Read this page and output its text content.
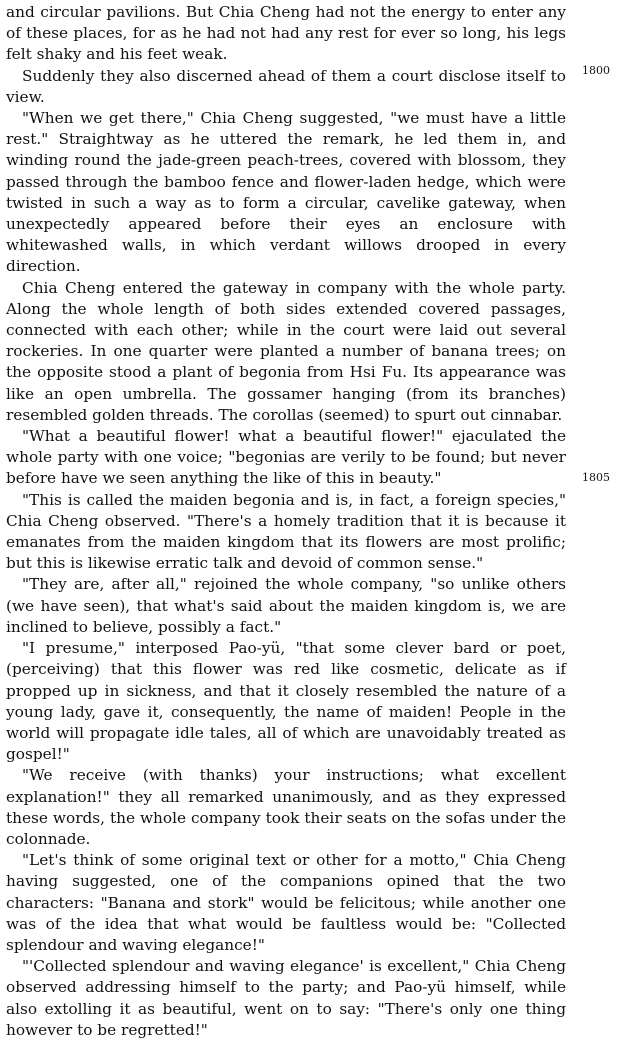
and circular pavilions. But Chia Cheng had not the energy to enter any of these places, for as he had not had any rest for ever so long, his legs felt shaky and his feet weak.

Suddenly they also discerned ahead of them a court disclose itself to view.

"When we get there," Chia Cheng suggested, "we must have a little rest." Straightway as he uttered the remark, he led them in, and winding round the jade-green peach-trees, covered with blossom, they passed through the bamboo fence and flower-laden hedge, which were twisted in such a way as to form a circular, cavelike gateway, when unexpectedly appeared before their eyes an enclosure with whitewashed walls, in which verdant willows drooped in every direction.

Chia Cheng entered the gateway in company with the whole party. Along the whole length of both sides extended covered passages, connected with each other; while in the court were laid out several rockeries. In one quarter were planted a number of banana trees; on the opposite stood a plant of begonia from Hsi Fu. Its appearance was like an open umbrella. The gossamer hanging (from its branches) resembled golden threads. The corollas (seemed) to spurt out cinnabar.

"What a beautiful flower! what a beautiful flower!" ejaculated the whole party with one voice; "begonias are verily to be found; but never before have we seen anything the like of this in beauty."

"This is called the maiden begonia and is, in fact, a foreign species," Chia Cheng observed. "There's a homely tradition that it is because it emanates from the maiden kingdom that its flowers are most prolific; but this is likewise erratic talk and devoid of common sense."

"They are, after all," rejoined the whole company, "so unlike others (we have seen), that what's said about the maiden kingdom is, we are inclined to believe, possibly a fact."

"I presume," interposed Pao-yü, "that some clever bard or poet, (perceiving) that this flower was red like cosmetic, delicate as if propped up in sickness, and that it closely resembled the nature of a young lady, gave it, consequently, the name of maiden! People in the world will propagate idle tales, all of which are unavoidably treated as gospel!"

"We receive (with thanks) your instructions; what excellent explanation!" they all remarked unanimously, and as they expressed these words, the whole company took their seats on the sofas under the colonnade.

"Let's think of some original text or other for a motto," Chia Cheng having suggested, one of the companions opined that the two characters: "Banana and stork" would be felicitous; while another one was of the idea that what would be faultless would be: "Collected splendour and waving elegance!"

"'Collected splendour and waving elegance' is excellent," Chia Cheng observed addressing himself to the party; and Pao-yü himself, while also extolling it as beautiful, went on to say: "There's only one thing however to be regretted!"

1800
1805
